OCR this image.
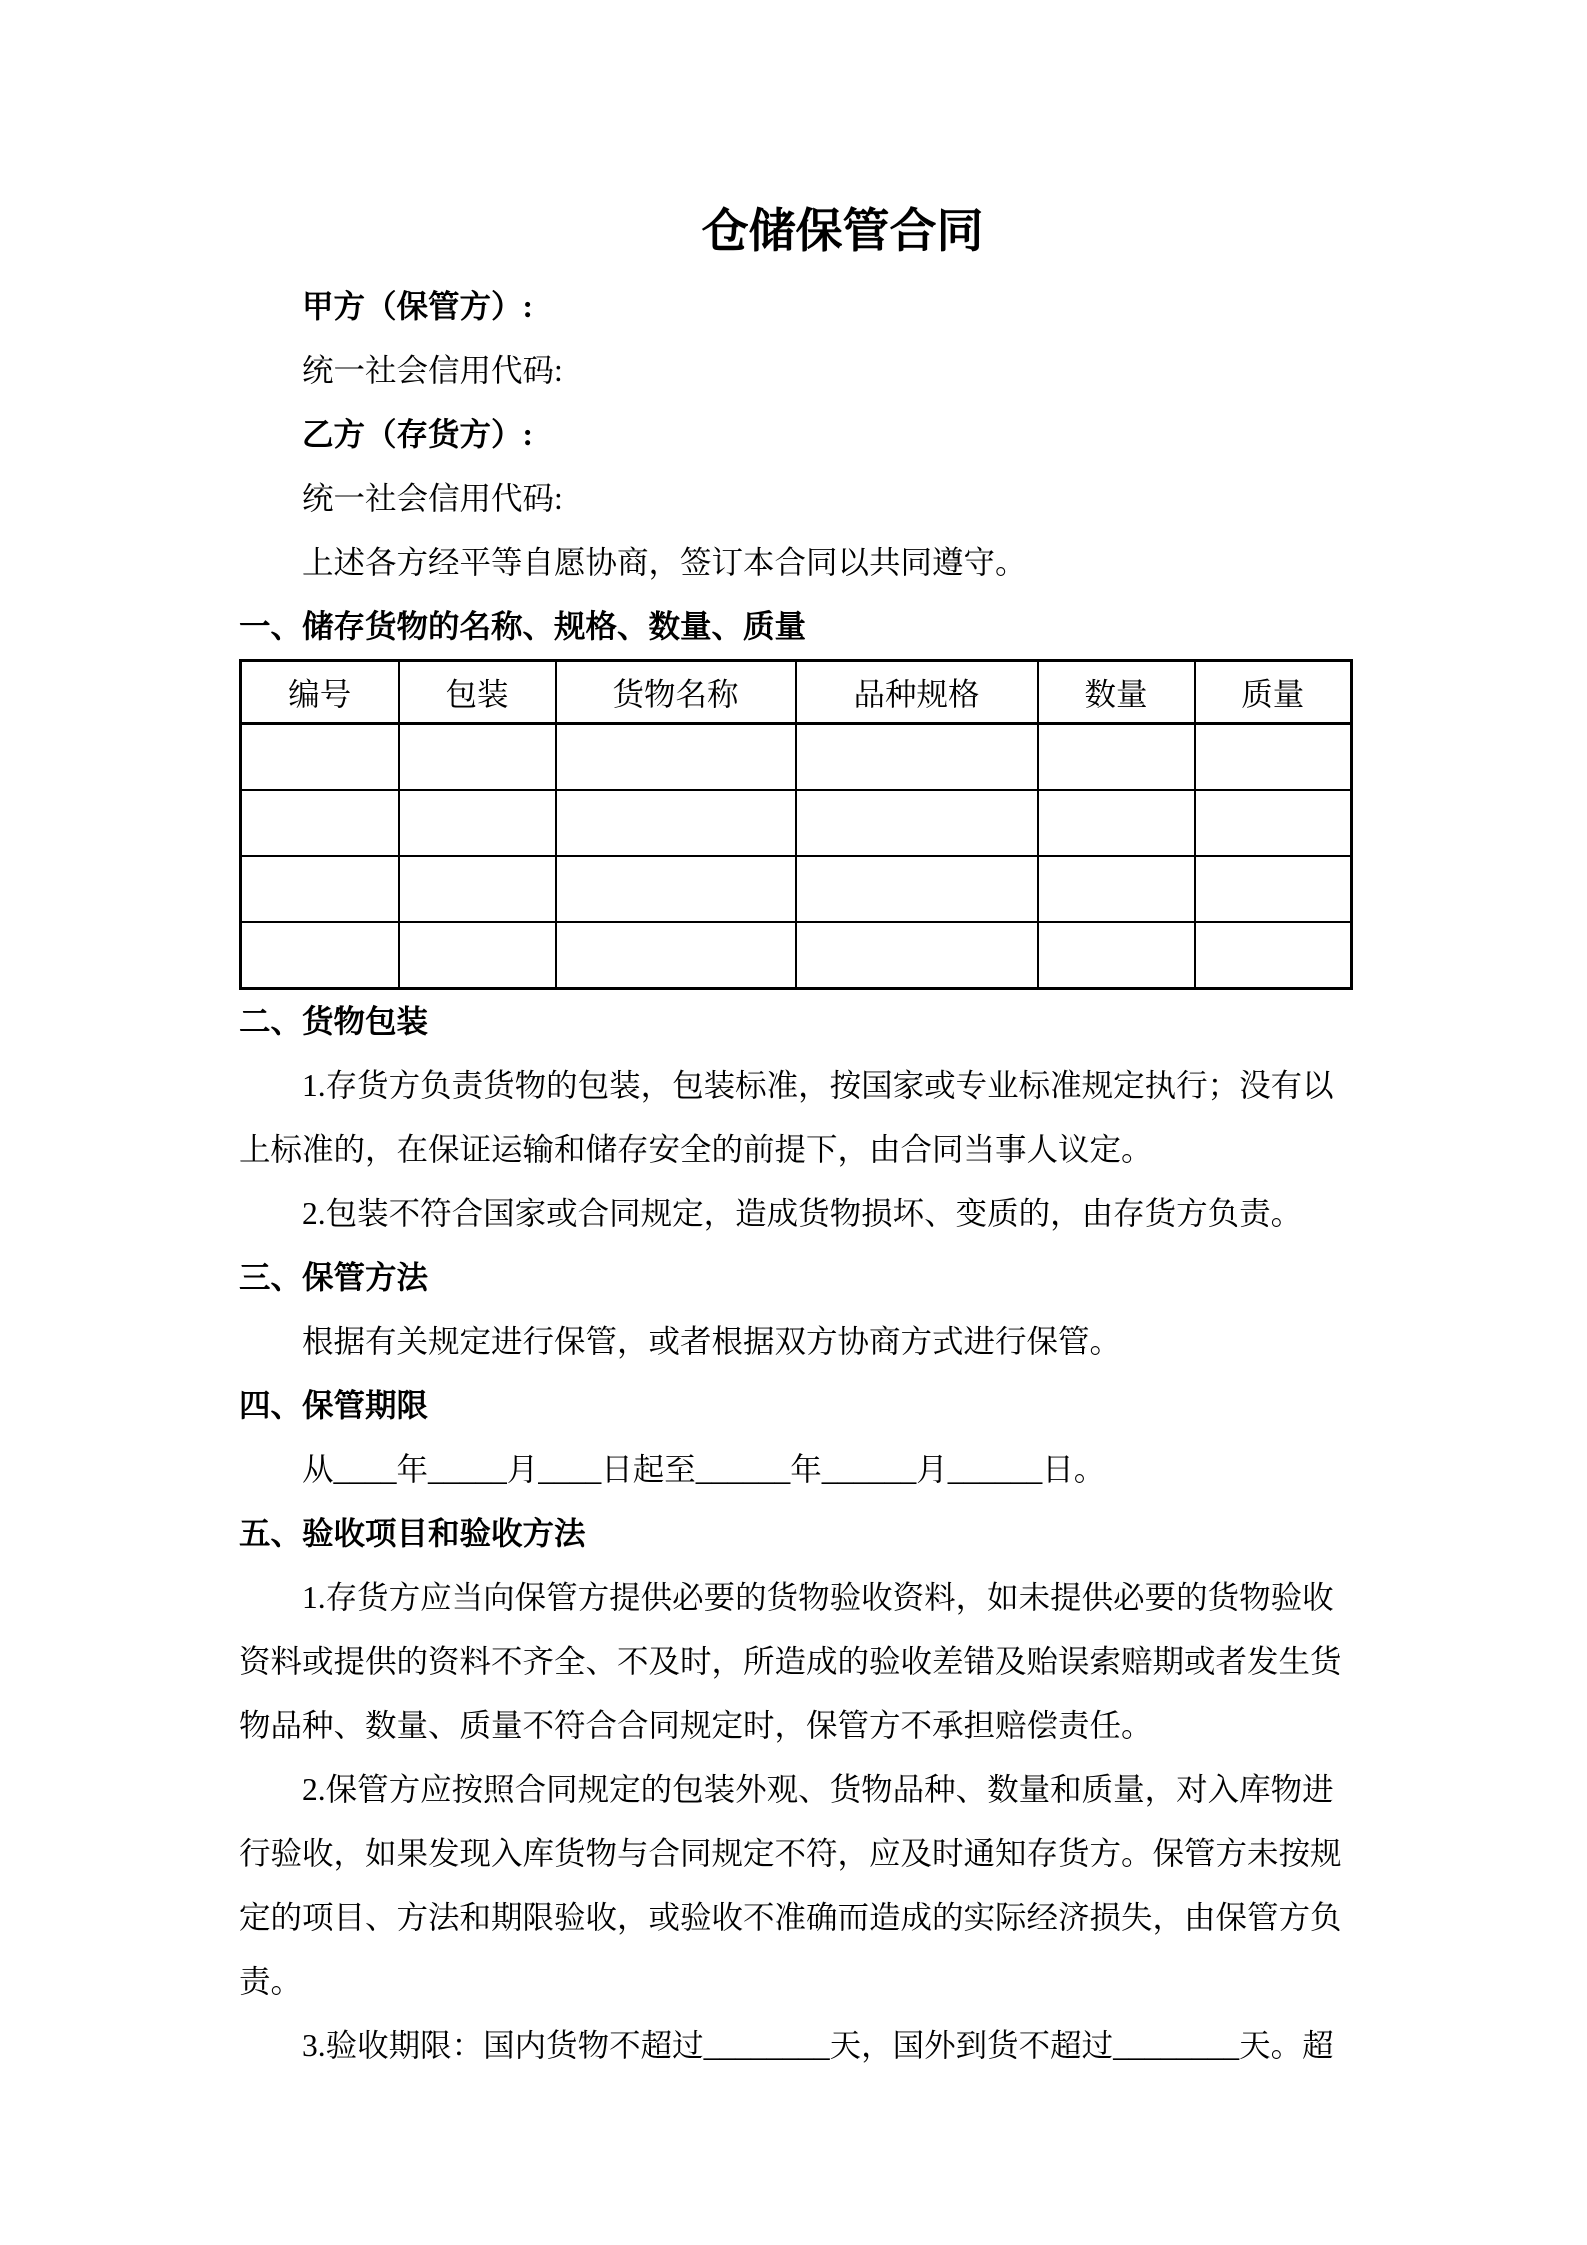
仓储保管合同

甲方（保管方）:

统一社会信用代码:

乙方（存货方）:

统一社会信用代码:

上述各方经平等自愿协商，签订本合同以共同遵守。

一、储存货物的名称、规格、数量、质量
编号	包装	货物名称	品种规格	数量	质量

二、货物包装

1.存货方负责货物的包装，包装标准，按国家或专业标准规定执行；没有以

上标准的，在保证运输和储存安全的前提下，由合同当事人议定。

2.包装不符合国家或合同规定，造成货物损坏、变质的，由存货方负责。

三、保管方法

根据有关规定进行保管，或者根据双方协商方式进行保管。

四、保管期限

从____年_____月____日起至______年______月______日。

五、验收项目和验收方法

1.存货方应当向保管方提供必要的货物验收资料，如未提供必要的货物验收

资料或提供的资料不齐全、不及时，所造成的验收差错及贻误索赔期或者发生货

物品种、数量、质量不符合合同规定时，保管方不承担赔偿责任。

2.保管方应按照合同规定的包装外观、货物品种、数量和质量，对入库物进

行验收，如果发现入库货物与合同规定不符，应及时通知存货方。保管方未按规

定的项目、方法和期限验收，或验收不准确而造成的实际经济损失，由保管方负

责。

3.验收期限：国内货物不超过________天，国外到货不超过________天。超
